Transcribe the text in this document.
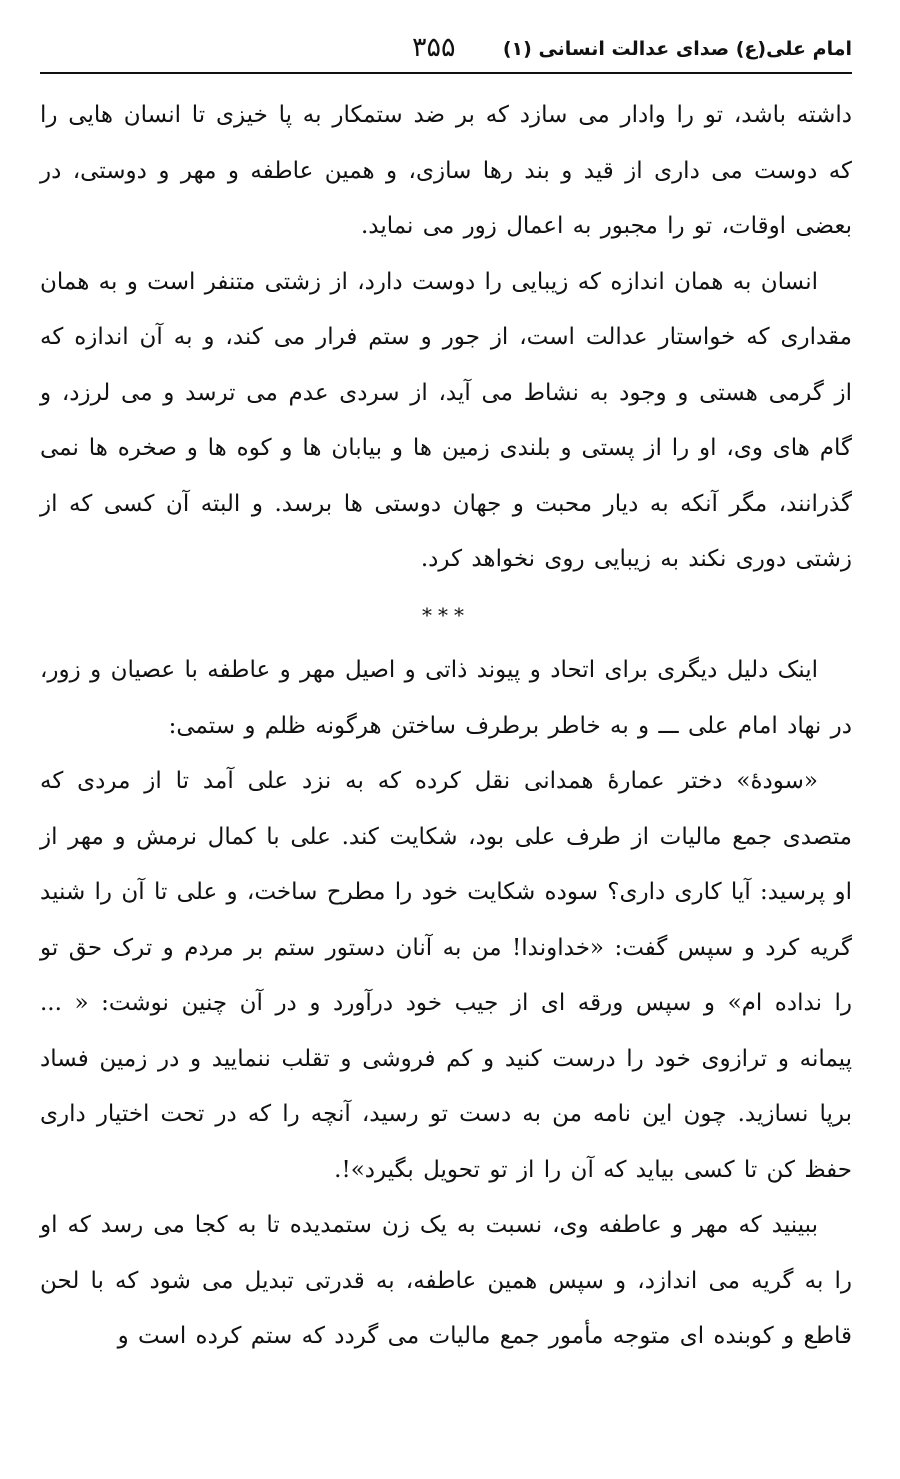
امام علی(ع) صدای عدالت انسانی (۱)
۳۵۵

داشته باشد، تو را وادار می سازد که بر ضد ستمکار به پا خیزی تا انسان هایی را که دوست می داری از قید و بند رها سازی، و همین عاطفه و مهر و دوستی، در بعضی اوقات، تو را مجبور به اعمال زور می نماید.

انسان به همان اندازه که زیبایی را دوست دارد، از زشتی متنفر است و به همان مقداری که خواستار عدالت است، از جور و ستم فرار می کند، و به آن اندازه که از گرمی هستی و وجود به نشاط می آید، از سردی عدم می ترسد و می لرزد، و گام های وی، او را از پستی و بلندی زمین ها و بیابان ها و کوه ها و صخره ها نمی گذرانند، مگر آنکه به دیار محبت و جهان دوستی ها برسد. و البته آن کسی که از زشتی دوری نکند به زیبایی روی نخواهد کرد.

***

اینک دلیل دیگری برای اتحاد و پیوند ذاتی و اصیل مهر و عاطفه با عصیان و زور، در نهاد امام علی ـــ و به خاطر برطرف ساختن هرگونه ظلم و ستمی:

«سودهٔ» دختر عمارهٔ همدانی نقل کرده که به نزد علی آمد تا از مردی که متصدی جمع مالیات از طرف علی بود، شکایت کند. علی با کمال نرمش و مهر از او پرسید: آیا کاری داری؟ سوده شکایت خود را مطرح ساخت، و علی تا آن را شنید گریه کرد و سپس گفت: «خداوندا! من به آنان دستور ستم بر مردم و ترک حق تو را نداده ام» و سپس ورقه ای از جیب خود درآورد و در آن چنین نوشت: « ... پیمانه و ترازوی خود را درست کنید و کم فروشی و تقلب ننمایید و در زمین فساد برپا نسازید. چون این نامه من به دست تو رسید، آنچه را که در تحت اختیار داری حفظ کن تا کسی بیاید که آن را از تو تحویل بگیرد»!.

ببینید که مهر و عاطفه وی، نسبت به یک زن ستمدیده تا به کجا می رسد که او را به گریه می اندازد، و سپس همین عاطفه، به قدرتی تبدیل می شود که با لحن قاطع و کوبنده ای متوجه مأمور جمع مالیات می گردد که ستم کرده است و
